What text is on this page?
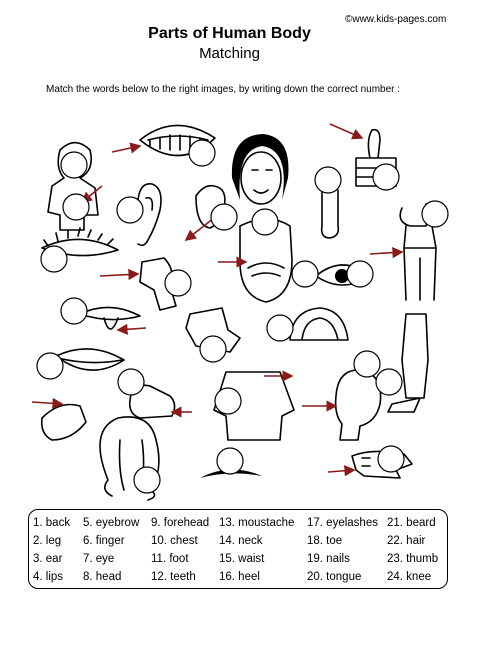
©www.kids-pages.com
Parts of Human Body
Matching
Match the words below to the right images, by writing down the correct number :
1. back
2. leg
3. ear
4. lips
5. eyebrow
6. finger
7. eye
8. head
9. forehead
10. chest
11. foot
12. teeth
13. moustache
14. neck
15. waist
16. heel
17. eyelashes
18. toe
19. nails
20. tongue
21. beard
22. hair
23. thumb
24. knee
